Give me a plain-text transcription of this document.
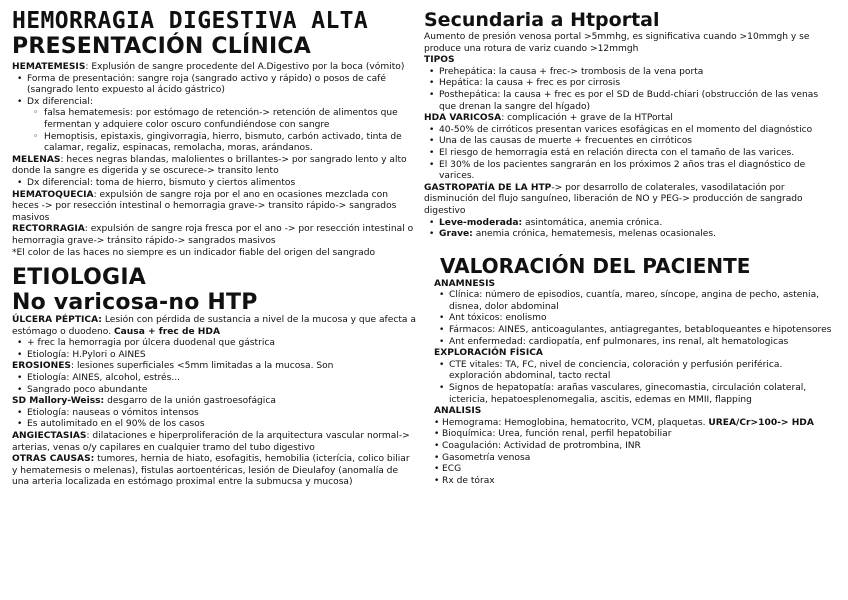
HEMORRAGIA DIGESTIVA ALTA
PRESENTACIÓN CLÍNICA

HEMATEMESIS: Explusión de sangre procedente del A.Digestivo por la boca (vómito)

• Forma de presentación: sangre roja (sangrado activo y rápido) o posos de café (sangrado lento expuesto al ácido gástrico)
• Dx diferencial:
◦ falsa hematemesis: por estómago de retención-> retención de alimentos que fermentan y adquiere color oscuro confundiéndose con sangre
◦ Hemoptisis, epistaxis, gingivorragia, hierro, bismuto, carbón activado, tinta de calamar, regaliz, espinacas, remolacha, moras, arándanos.

MELENAS: heces negras blandas, malolientes o brillantes-> por sangrado lento y alto donde la sangre es digerida y se oscurece-> transito lento

• Dx diferencial: toma de hierro, bismuto y ciertos alimentos

HEMATOQUECIA: expulsión de sangre roja por el ano en ocasiones mezclada con heces -> por resección intestinal o hemorragia grave-> transito rápido-> sangrados masivos

RECTORRAGIA: expulsión de sangre roja fresca por el ano -> por resección intestinal o hemorragia grave-> tránsito rápido-> sangrados masivos

*El color de las haces no siempre es un indicador fiable del origen del sangrado

ETIOLOGIA
No varicosa-no HTP

ÚLCERA PÉPTICA: Lesión con pérdida de sustancia a nivel de la mucosa y que afecta a estómago o duodeno. Causa + frec de HDA

• + frec la hemorragia por úlcera duodenal que gástrica
• Etiología: H.Pylori o AINES

EROSIONES: lesiones superficiales <5mm limitadas a la mucosa. Son

• Etiología: AINES, alcohol, estrés...
• Sangrado poco abundante

SD Mallory-Weiss: desgarro de la unión gastroesofágica

• Etiología: nauseas o vómitos intensos
• Es autolimitado en el 90% de los casos

ANGIECTASIAS: dilataciones e hiperproliferación de la arquitectura vascular normal-> arterias, venas o/y capilares en cualquier tramo del tubo digestivo

OTRAS CAUSAS: tumores, hernia de hiato, esofagitis, hemobilia (icterícia, colico biliar y hematemesis o melenas), fistulas aortoentéricas, lesión de Dieulafoy (anomalía de una arteria localizada en estómago proximal entre la submucsa y mucosa)

Secundaria a Htportal

Aumento de presión venosa portal >5mmhg, es significativa cuando >10mmgh y se produce una rotura de variz cuando >12mmgh

TIPOS

• Prehepática: la causa + frec-> trombosis de la vena porta
• Hepática: la causa + frec es por cirrosis
• Posthepática: la causa + frec es por el SD de Budd-chiari (obstrucción de las venas que drenan la sangre del hígado)

HDA VARICOSA: complicación + grave de la HTPortal

• 40-50% de cirróticos presentan varices esofágicas en el momento del diagnóstico
• Una de las causas de muerte + frecuentes en cirróticos
• El riesgo de hemorragia está en relación directa con el tamaño de las varices.
• El 30% de los pacientes sangrarán en los próximos 2 años tras el diagnóstico de varices.

GASTROPATÍA DE LA HTP-> por desarrollo de colaterales, vasodilatación por disminución del flujo sanguíneo, liberación de NO y PEG-> producción de sangrado digestivo

• Leve-moderada: asintomática, anemia crónica.
• Grave: anemia crónica, hematemesis, melenas ocasionales.
VALORACIÓN DEL PACIENTE

ANAMNESIS

• Clínica: número de episodios, cuantía, mareo, síncope, angina de pecho, astenia, disnea, dolor abdominal
• Ant tóxicos: enolismo
• Fármacos: AINES, anticoagulantes, antiagregantes, betabloqueantes e hipotensores
• Ant enfermedad: cardiopatía, enf pulmonares, ins renal, alt hematologicas

EXPLORACIÓN FÍSICA

• CTE vitales: TA, FC, nivel de conciencia, coloración y perfusión periférica. exploración abdominal, tacto rectal
• Signos de hepatopatía: arañas vasculares, ginecomastia, circulación colateral, ictericia, hepatoesplenomegalia, ascitis, edemas en MMII, flapping

ANALISIS

• Hemograma: Hemoglobina, hematocrito, VCM, plaquetas. UREA/Cr>100-> HDA
• Bioquímica: Urea, función renal, perfil hepatobiliar
• Coagulación: Actividad de protrombina, INR
• Gasometría venosa
• ECG
• Rx de tórax
